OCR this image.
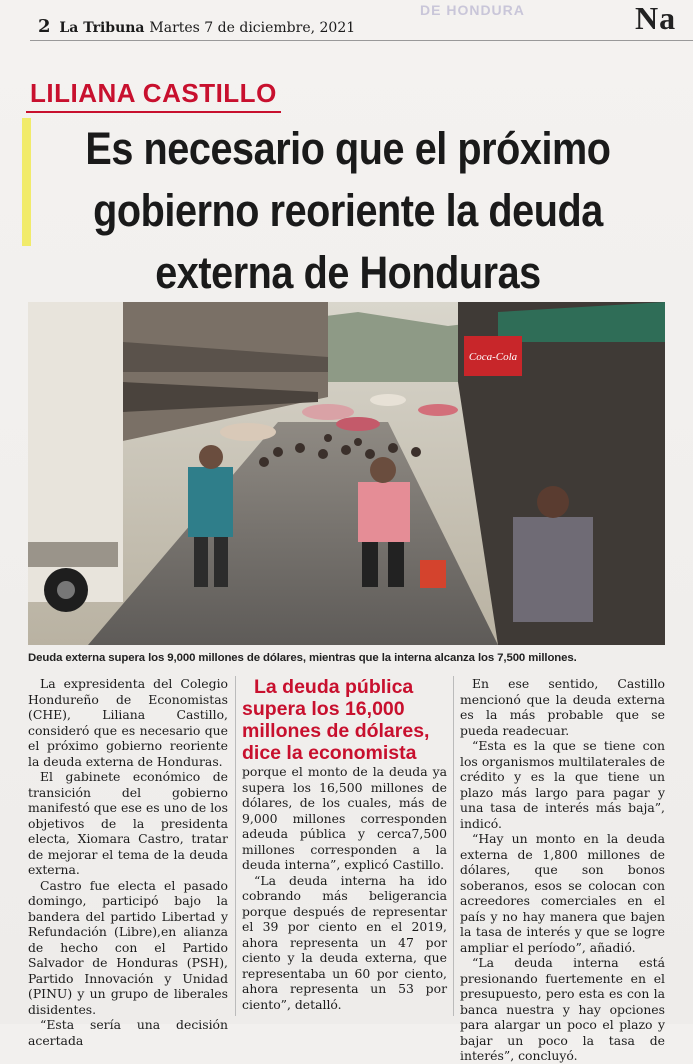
DE HONDURA
2 La Tribuna Martes 7 de diciembre, 2021	Na
LILIANA CASTILLO
Es necesario que el próximo gobierno reoriente la deuda externa de Honduras
Coca-Cola
Deuda externa supera los 9,000 millones de dólares, mientras que la interna alcanza los 7,500 millones.

La expresidenta del Colegio Hondureño de Economistas (CHE), Liliana Castillo, consideró que es necesario que el próximo gobierno reoriente la deuda externa de Honduras.

El gabinete económico de transición del gobierno manifestó que ese es uno de los objetivos de la presidenta electa, Xiomara Castro, tratar de mejorar el tema de la deuda externa.

Castro fue electa el pasado domingo, participó bajo la bandera del partido Libertad y Refundación (Libre),en alianza de hecho con el Partido Salvador de Honduras (PSH), Partido Innovación y Unidad (PINU) y un grupo de liberales disidentes.

“Esta sería una decisión acertada

La deuda pública supera los 16,000 millones de dólares, dice la economista

porque el monto de la deuda ya supera los 16,500 millones de dólares, de los cuales, más de 9,000 millones corresponden adeuda pública y cerca7,500 millones corresponden a la deuda interna”, explicó Castillo.

“La deuda interna ha ido cobrando más beligerancia porque después de representar el 39 por ciento en el 2019, ahora representa un 47 por ciento y la deuda externa, que representaba un 60 por ciento, ahora representa un 53 por ciento”, detalló.

En ese sentido, Castillo mencionó que la deuda externa es la más probable que se pueda readecuar.

“Esta es la que se tiene con los organismos multilaterales de crédito y es la que tiene un plazo más largo para pagar y una tasa de interés más baja”, indicó.

“Hay un monto en la deuda externa de 1,800 millones de dólares, que son bonos soberanos, esos se colocan con acreedores comerciales en el país y no hay manera que bajen la tasa de interés y que se logre ampliar el período”, añadió.

“La deuda interna está presionando fuertemente en el presupuesto, pero esta es con la banca nuestra y hay opciones para alargar un poco el plazo y bajar un poco la tasa de interés”, concluyó.
